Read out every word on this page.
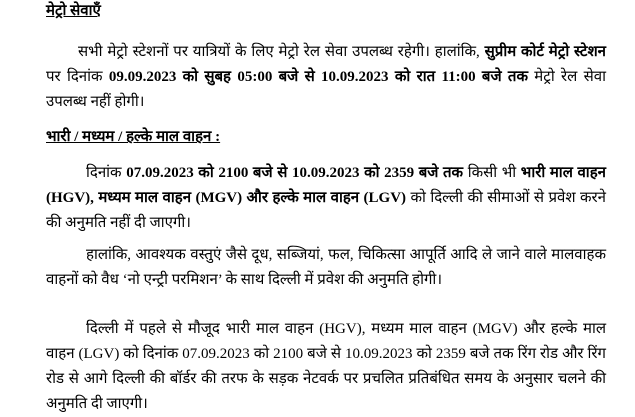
मेट्रो सेवाएँ

सभी मेट्रो स्टेशनों पर यात्रियों के लिए मेट्रो रेल सेवा उपलब्ध रहेगी। हालांकि, सुप्रीम कोर्ट मेट्रो स्टेशन पर दिनांक 09.09.2023 को सुबह 05:00 बजे से 10.09.2023 को रात 11:00 बजे तक मेट्रो रेल सेवा उपलब्ध नहीं होगी।

भारी / मध्यम / हल्के माल वाहन :

दिनांक 07.09.2023 को 2100 बजे से 10.09.2023 को 2359 बजे तक किसी भी भारी माल वाहन (HGV), मध्यम माल वाहन (MGV) और हल्के माल वाहन (LGV) को दिल्ली की सीमाओं से प्रवेश करने की अनुमति नहीं दी जाएगी।

हालांकि, आवश्यक वस्तुएं जैसे दूध, सब्जियां, फल, चिकित्सा आपूर्ति आदि ले जाने वाले मालवाहक वाहनों को वैध ‘नो एन्ट्री परमिशन’ के साथ दिल्ली में प्रवेश की अनुमति होगी।

दिल्ली में पहले से मौजूद भारी माल वाहन (HGV), मध्यम माल वाहन (MGV) और हल्के माल वाहन (LGV) को दिनांक 07.09.2023 को 2100 बजे से 10.09.2023 को 2359 बजे तक रिंग रोड और रिंग रोड से आगे दिल्ली की बॉर्डर की तरफ के सड़क नेटवर्क पर प्रचलित प्रतिबंधित समय के अनुसार चलने की अनुमति दी जाएगी।
